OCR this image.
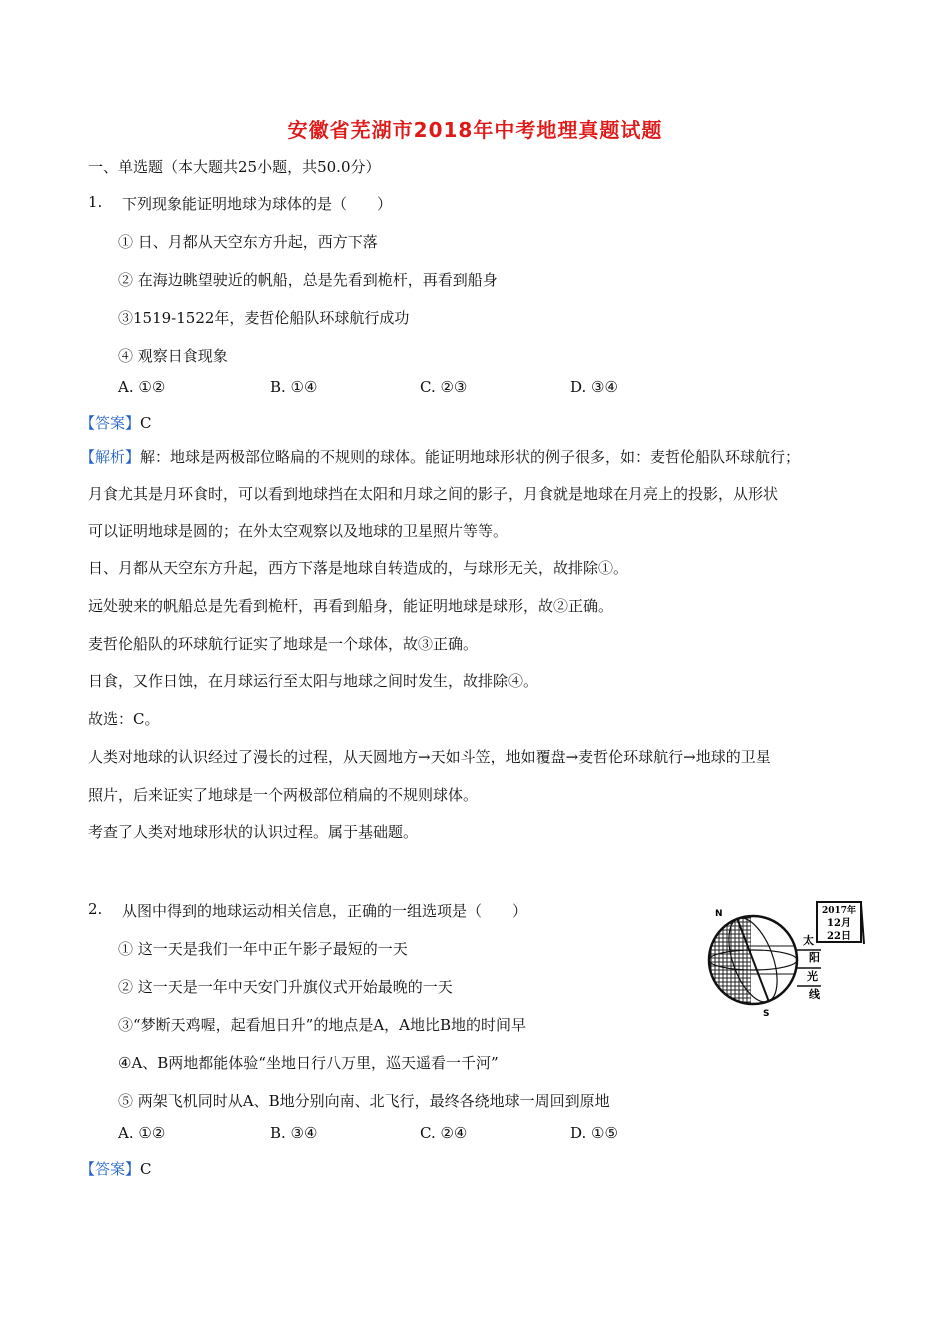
安徽省芜湖市2018年中考地理真题试题
一、单选题（本大题共25小题，共50.0分）
1. 下列现象能证明地球为球体的是（　　）
① 日、月都从天空东方升起，西方下落
② 在海边眺望驶近的帆船，总是先看到桅杆，再看到船身
③1519-1522年，麦哲伦船队环球航行成功
④ 观察日食现象
A. ①②	B. ①④	C. ②③	D. ③④
【答案】C
【解析】解：地球是两极部位略扁的不规则的球体。能证明地球形状的例子很多，如：麦哲伦船队环球航行；
月食尤其是月环食时，可以看到地球挡在太阳和月球之间的影子，月食就是地球在月亮上的投影，从形状
可以证明地球是圆的；在外太空观察以及地球的卫星照片等等。
日、月都从天空东方升起，西方下落是地球自转造成的，与球形无关，故排除①。
远处驶来的帆船总是先看到桅杆，再看到船身，能证明地球是球形，故②正确。
麦哲伦船队的环球航行证实了地球是一个球体，故③正确。
日食，又作日蚀，在月球运行至太阳与地球之间时发生，故排除④。
故选：C。
人类对地球的认识经过了漫长的过程，从天圆地方→天如斗笠，地如覆盘→麦哲伦环球航行→地球的卫星
照片，后来证实了地球是一个两极部位稍扁的不规则球体。
考查了人类对地球形状的认识过程。属于基础题。
2. 从图中得到的地球运动相关信息，正确的一组选项是（　　）
① 这一天是我们一年中正午影子最短的一天
② 这一天是一年中天安门升旗仪式开始最晚的一天
③“梦断天鸡喔，起看旭日升”的地点是A，A地比B地的时间早
④A、B两地都能体验“坐地日行八万里，巡天遥看一千河”
⑤ 两架飞机同时从A、B地分别向南、北飞行，最终各绕地球一周回到原地
A. ①②	B. ③④	C. ②④	D. ①⑤
【答案】C
N
S
2017年
12月
22日
太
阳
光
线
